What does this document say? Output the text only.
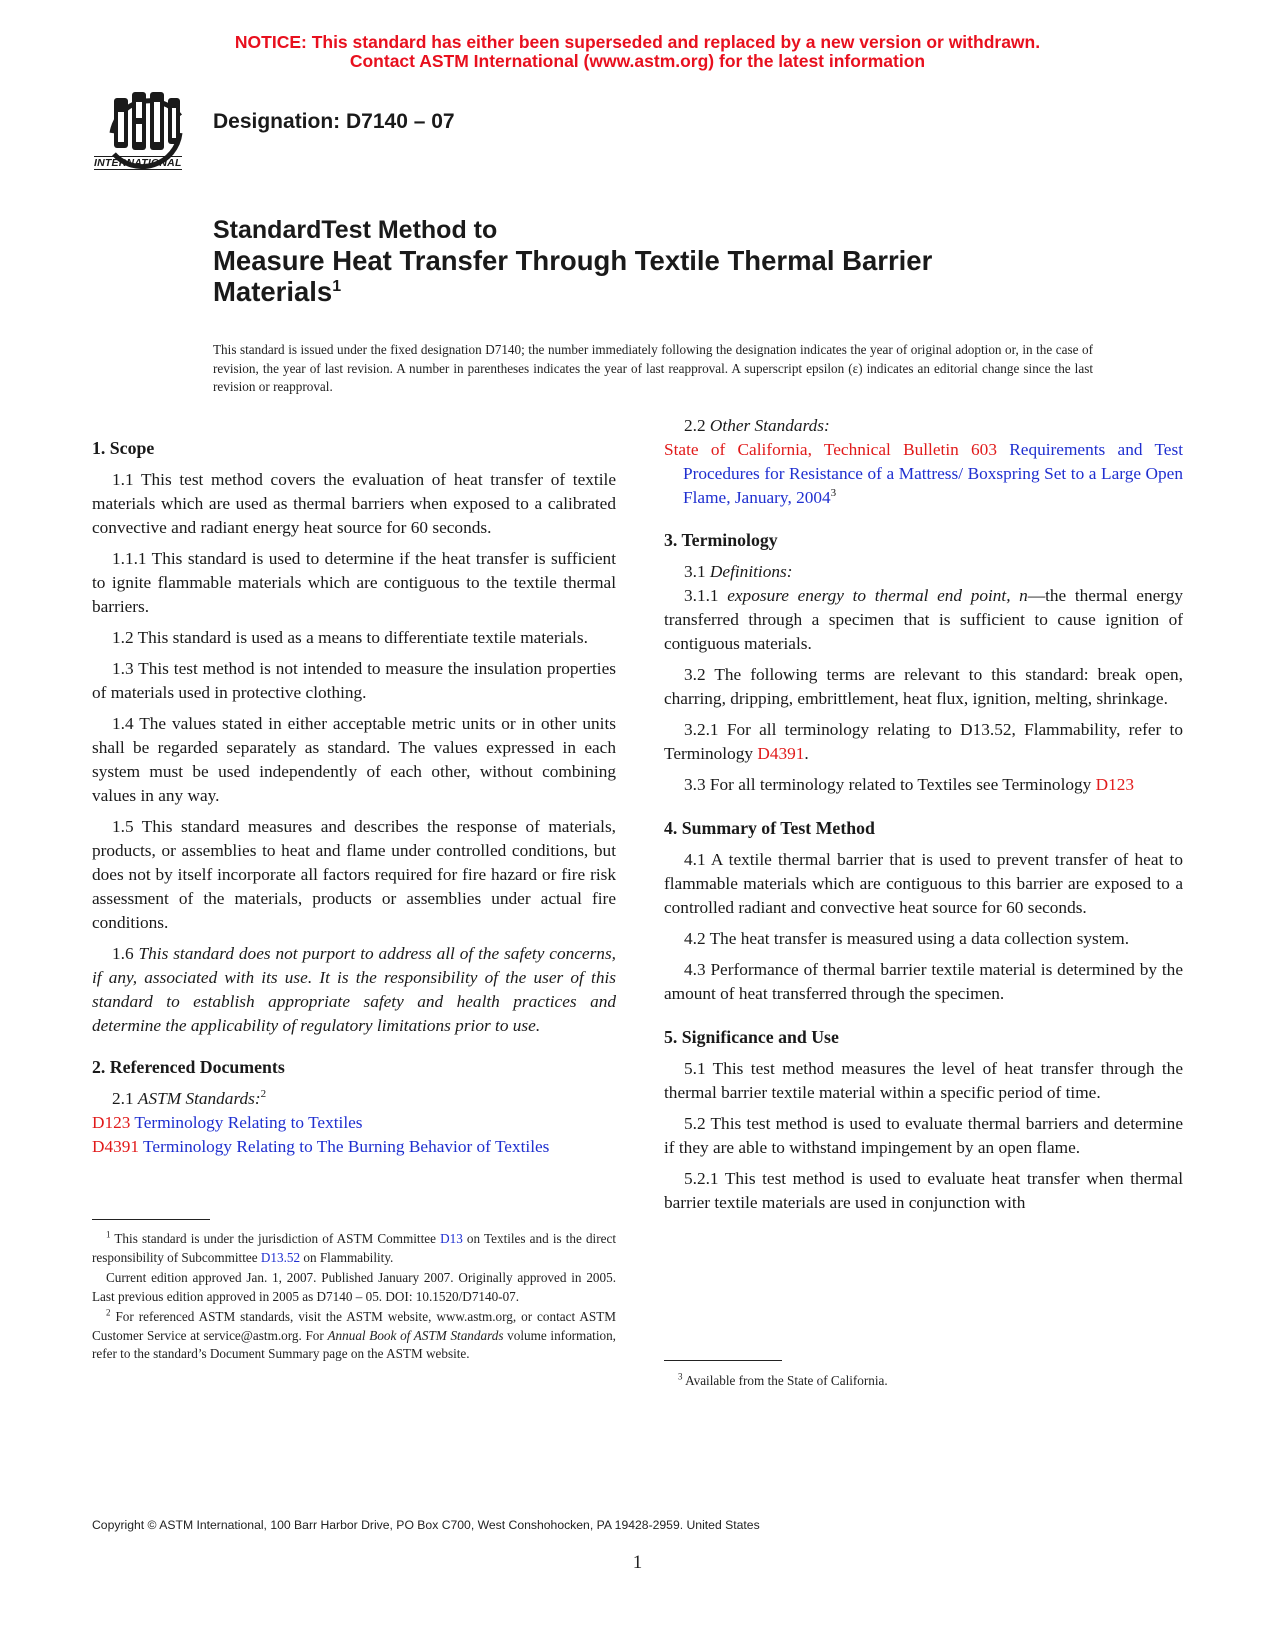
NOTICE: This standard has either been superseded and replaced by a new version or withdrawn.
Contact ASTM International (www.astm.org) for the latest information
INTERNATIONAL
Designation: D7140 – 07
StandardTest Method to
Measure Heat Transfer Through Textile Thermal Barrier
Materials$^1$
This standard is issued under the fixed designation D7140; the number immediately following the designation indicates the year of original adoption or, in the case of revision, the year of last revision. A number in parentheses indicates the year of last reapproval. A superscript epsilon (ε) indicates an editorial change since the last revision or reapproval.
1. Scope

1.1 This test method covers the evaluation of heat transfer of textile materials which are used as thermal barriers when exposed to a calibrated convective and radiant energy heat source for 60 seconds.

1.1.1 This standard is used to determine if the heat transfer is sufficient to ignite flammable materials which are contiguous to the textile thermal barriers.

1.2 This standard is used as a means to differentiate textile materials.

1.3 This test method is not intended to measure the insulation properties of materials used in protective clothing.

1.4 The values stated in either acceptable metric units or in other units shall be regarded separately as standard. The values expressed in each system must be used independently of each other, without combining values in any way.

1.5 This standard measures and describes the response of materials, products, or assemblies to heat and flame under controlled conditions, but does not by itself incorporate all factors required for fire hazard or fire risk assessment of the materials, products or assemblies under actual fire conditions.

1.6 This standard does not purport to address all of the safety concerns, if any, associated with its use. It is the responsibility of the user of this standard to establish appropriate safety and health practices and determine the applicability of regulatory limitations prior to use.

2. Referenced Documents

2.1 ASTM Standards:$^2$

D123 Terminology Relating to Textiles

D4391 Terminology Relating to The Burning Behavior of Textiles

2.2 Other Standards:

State of California, Technical Bulletin 603 Requirements and Test Procedures for Resistance of a Mattress/ Boxspring Set to a Large Open Flame, January, 2004$^3$

3. Terminology

3.1 Definitions:

3.1.1 exposure energy to thermal end point, n—the thermal energy transferred through a specimen that is sufficient to cause ignition of contiguous materials.

3.2 The following terms are relevant to this standard: break open, charring, dripping, embrittlement, heat flux, ignition, melting, shrinkage.

3.2.1 For all terminology relating to D13.52, Flammability, refer to Terminology D4391.

3.3 For all terminology related to Textiles see Terminology D123

4. Summary of Test Method

4.1 A textile thermal barrier that is used to prevent transfer of heat to flammable materials which are contiguous to this barrier are exposed to a controlled radiant and convective heat source for 60 seconds.

4.2 The heat transfer is measured using a data collection system.

4.3 Performance of thermal barrier textile material is determined by the amount of heat transferred through the specimen.

5. Significance and Use

5.1 This test method measures the level of heat transfer through the thermal barrier textile material within a specific period of time.

5.2 This test method is used to evaluate thermal barriers and determine if they are able to withstand impingement by an open flame.

5.2.1 This test method is used to evaluate heat transfer when thermal barrier textile materials are used in conjunction with

$^1$ This standard is under the jurisdiction of ASTM Committee D13 on Textiles and is the direct responsibility of Subcommittee D13.52 on Flammability.

Current edition approved Jan. 1, 2007. Published January 2007. Originally approved in 2005. Last previous edition approved in 2005 as D7140 – 05. DOI: 10.1520/D7140-07.

$^2$ For referenced ASTM standards, visit the ASTM website, www.astm.org, or contact ASTM Customer Service at service@astm.org. For Annual Book of ASTM Standards volume information, refer to the standard’s Document Summary page on the ASTM website.

$^3$ Available from the State of California.

Copyright © ASTM International, 100 Barr Harbor Drive, PO Box C700, West Conshohocken, PA 19428-2959. United States
1
